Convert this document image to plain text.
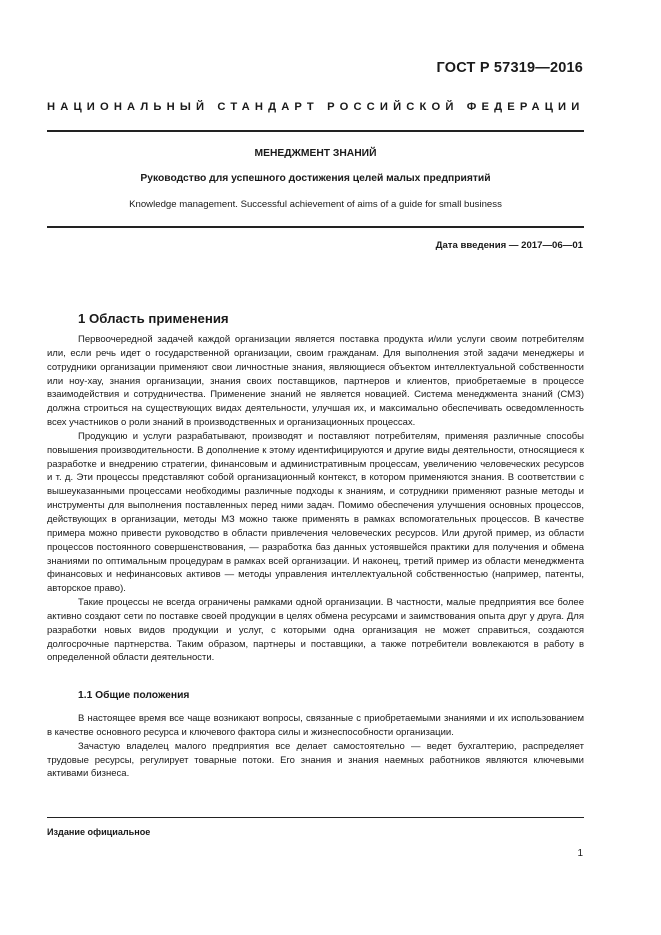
ГОСТ Р 57319—2016
НАЦИОНАЛЬНЫЙ СТАНДАРТ РОССИЙСКОЙ ФЕДЕРАЦИИ
МЕНЕДЖМЕНТ ЗНАНИЙ
Руководство для успешного достижения целей малых предприятий
Knowledge management. Successful achievement of aims of a guide for small business
Дата введения — 2017—06—01
1 Область применения

Первоочередной задачей каждой организации является поставка продукта и/или услуги своим потребителям или, если речь идет о государственной организации, своим гражданам. Для выполнения этой задачи менеджеры и сотрудники организации применяют свои личностные знания, являющиеся объектом интеллектуальной собственности или ноу-хау, знания организации, знания своих поставщиков, партнеров и клиентов, приобретаемые в процессе взаимодействия и сотрудничества. Применение знаний не является новацией. Система менеджмента знаний (СМЗ) должна строиться на существующих видах деятельности, улучшая их, и максимально обеспечивать осведомленность всех участников о роли знаний в производственных и организационных процессах.

Продукцию и услуги разрабатывают, производят и поставляют потребителям, применяя различные способы повышения производительности. В дополнение к этому идентифицируются и другие виды деятельности, относящиеся к разработке и внедрению стратегии, финансовым и административным процессам, увеличению человеческих ресурсов и т. д. Эти процессы представляют собой организационный контекст, в котором применяются знания. В соответствии с вышеуказанными процессами необходимы различные подходы к знаниям, и сотрудники применяют разные методы и инструменты для выполнения поставленных перед ними задач. Помимо обеспечения улучшения основных процессов, действующих в организации, методы МЗ можно также применять в рамках вспомогательных процессов. В качестве примера можно привести руководство в области привлечения человеческих ресурсов. Или другой пример, из области процессов постоянного совершенствования, — разработка баз данных устоявшейся практики для получения и обмена знаниями по оптимальным процедурам в рамках всей организации. И наконец, третий пример из области менеджмента финансовых и нефинансовых активов — методы управления интеллектуальной собственностью (например, патенты, авторское право).

Такие процессы не всегда ограничены рамками одной организации. В частности, малые предприятия все более активно создают сети по поставке своей продукции в целях обмена ресурсами и заимствования опыта друг у друга. Для разработки новых видов продукции и услуг, с которыми одна организация не может справиться, создаются долгосрочные партнерства. Таким образом, партнеры и поставщики, а также потребители вовлекаются в работу в определенной области деятельности.

1.1 Общие положения

В настоящее время все чаще возникают вопросы, связанные с приобретаемыми знаниями и их использованием в качестве основного ресурса и ключевого фактора силы и жизнеспособности организации.

Зачастую владелец малого предприятия все делает самостоятельно — ведет бухгалтерию, распределяет трудовые ресурсы, регулирует товарные потоки. Его знания и знания наемных работников являются ключевыми активами бизнеса.

Издание официальное
1
